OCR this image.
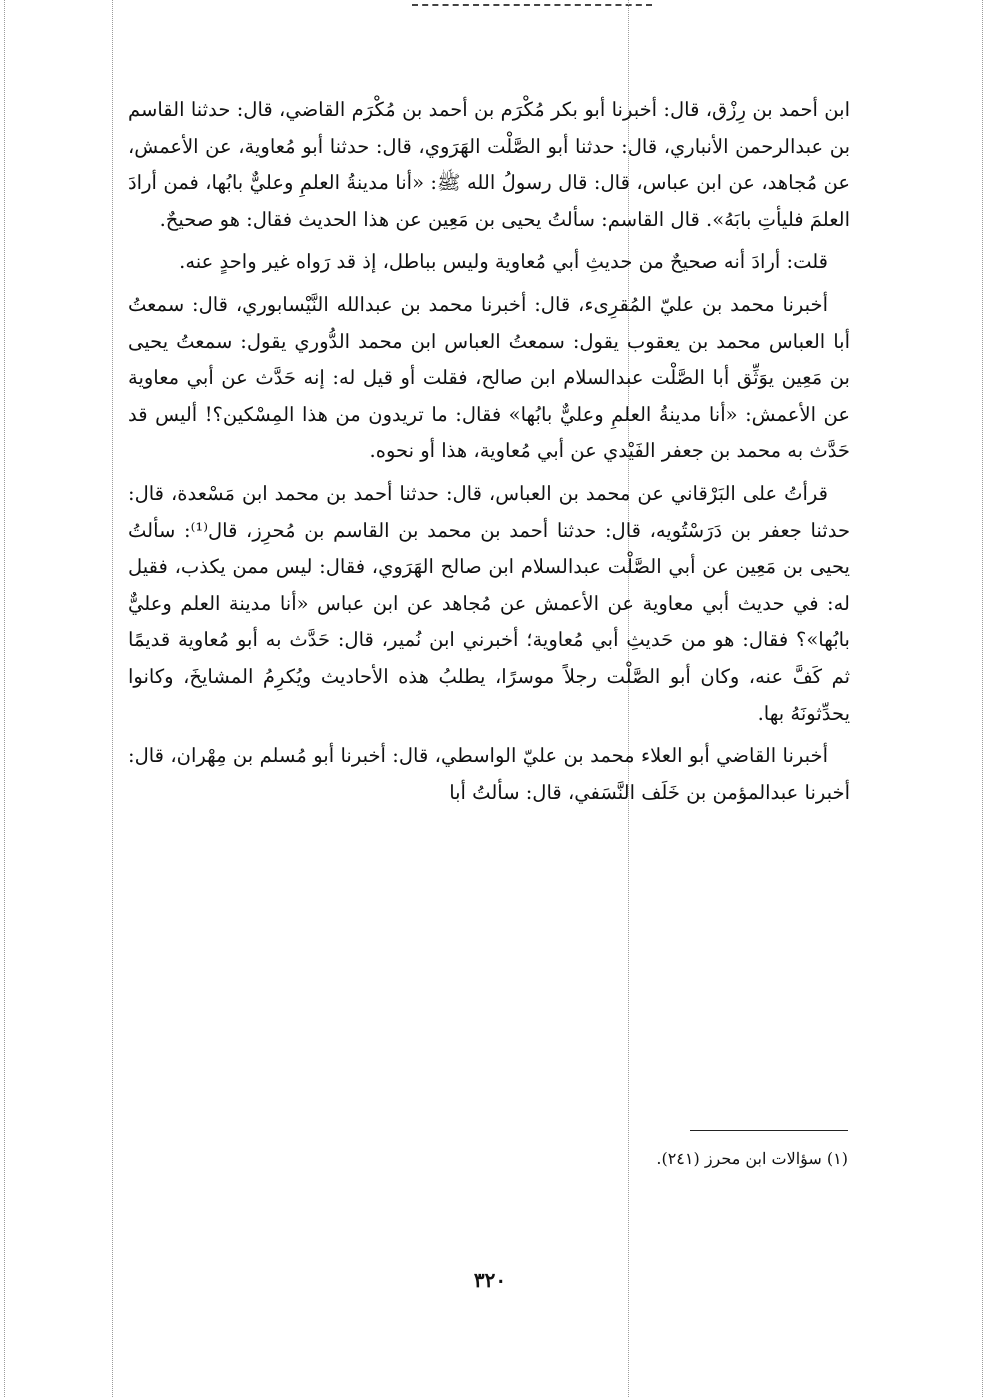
ابن أحمد بن رِزْق، قال: أخبرنا أبو بكر مُكْرَم بن أحمد بن مُكْرَم القاضي، قال: حدثنا القاسم بن عبدالرحمن الأنباري، قال: حدثنا أبو الصَّلْت الهَرَوي، قال: حدثنا أبو مُعاوية، عن الأعمش، عن مُجاهد، عن ابن عباس، قال: قال رسولُ الله ﷺ: «أنا مدينةُ العلمِ وعليٌّ بابُها، فمن أرادَ العلمَ فليأتِ بابَهُ». قال القاسم: سألتُ يحيى بن مَعِين عن هذا الحديث فقال: هو صحيحٌ.

قلت: أرادَ أنه صحيحٌ من حديثِ أبي مُعاوية وليس بباطل، إذ قد رَواه غير واحدٍ عنه.

أخبرنا محمد بن عليّ المُقرِىء، قال: أخبرنا محمد بن عبدالله النَّيْسابوري، قال: سمعتُ أبا العباس محمد بن يعقوب يقول: سمعتُ العباس ابن محمد الدُّوري يقول: سمعتُ يحيى بن مَعِين يوَثِّق أبا الصَّلْت عبدالسلام ابن صالح، فقلت أو قيل له: إنه حَدَّث عن أبي معاوية عن الأعمش: «أنا مدينةُ العلمِ وعليٌّ بابُها» فقال: ما تريدون من هذا المِسْكين؟! أليس قد حَدَّث به محمد بن جعفر الفَيْدي عن أبي مُعاوية، هذا أو نحوه.

قرأتُ على البَرْقاني عن محمد بن العباس، قال: حدثنا أحمد بن محمد ابن مَسْعدة، قال: حدثنا جعفر بن دَرَسْتُويه، قال: حدثنا أحمد بن محمد بن القاسم بن مُحرِز، قال⁽¹⁾: سألتُ يحيى بن مَعِين عن أبي الصَّلْت عبدالسلام ابن صالح الهَرَوي، فقال: ليس ممن يكذب، فقيل له: في حديث أبي معاوية عن الأعمش عن مُجاهد عن ابن عباس «أنا مدينة العلم وعليٌّ بابُها»؟ فقال: هو من حَديثِ أبي مُعاوية؛ أخبرني ابن نُمير، قال: حَدَّث به أبو مُعاوية قديمًا ثم كَفَّ عنه، وكان أبو الصَّلْت رجلاً موسرًا، يطلبُ هذه الأحاديث ويُكرِمُ المشايخَ، وكانوا يحدِّثونَهُ بها.

أخبرنا القاضي أبو العلاء محمد بن عليّ الواسطي، قال: أخبرنا أبو مُسلم بن مِهْران، قال: أخبرنا عبدالمؤمن بن خَلَف النَّسَفي، قال: سألتُ أبا

(١) سؤالات ابن محرز (٢٤١).
٣٢٠
